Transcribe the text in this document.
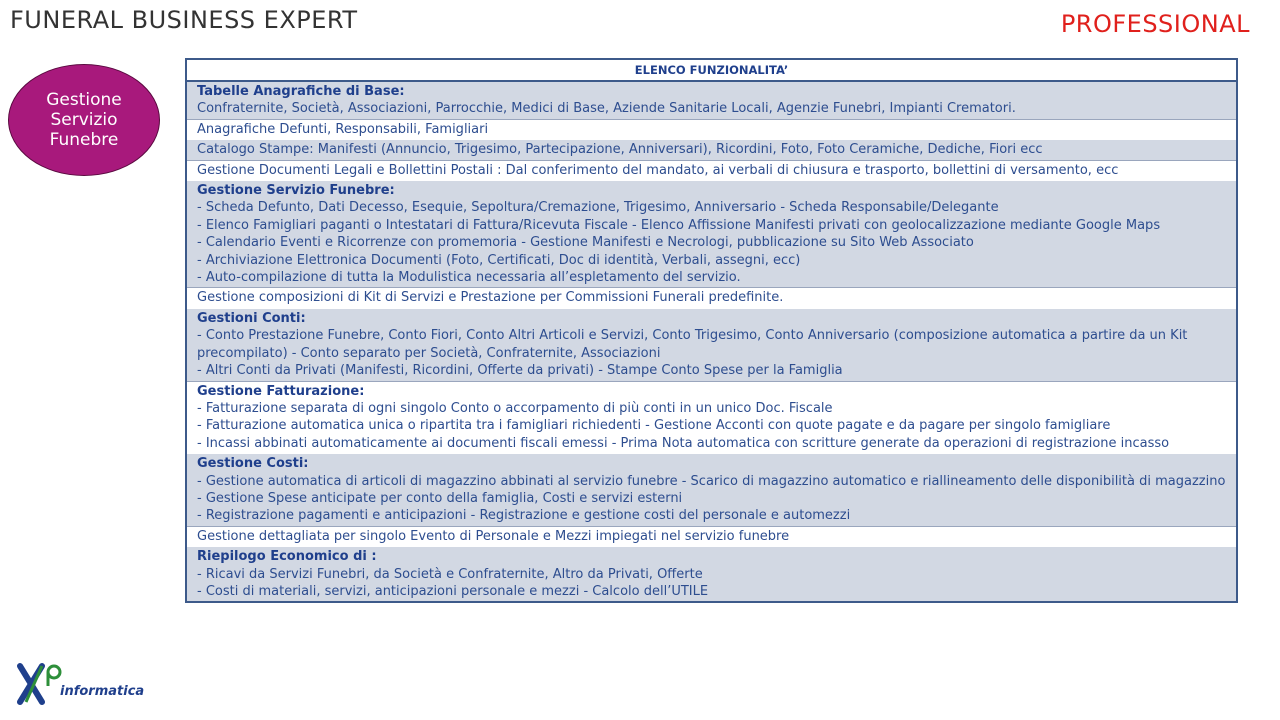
FUNERAL BUSINESS EXPERT	PROFESSIONAL
Gestione
Servizio
Funebre
ELENCO FUNZIONALITA’

Tabelle Anagrafiche di Base:
Confraternite, Società, Associazioni, Parrocchie, Medici di Base, Aziende Sanitarie Locali, Agenzie Funebri, Impianti Crematori.

Anagrafiche Defunti, Responsabili, Famigliari

Catalogo Stampe: Manifesti (Annuncio, Trigesimo, Partecipazione, Anniversari), Ricordini, Foto, Foto Ceramiche, Dediche, Fiori ecc

Gestione Documenti Legali e Bollettini Postali : Dal conferimento del mandato, ai verbali di chiusura e trasporto, bollettini di versamento, ecc

Gestione Servizio Funebre:
- Scheda Defunto, Dati Decesso, Esequie, Sepoltura/Cremazione, Trigesimo, Anniversario - Scheda Responsabile/Delegante
- Elenco Famigliari paganti o Intestatari di Fattura/Ricevuta Fiscale - Elenco Affissione Manifesti privati con geolocalizzazione mediante Google Maps
- Calendario Eventi e Ricorrenze con promemoria - Gestione Manifesti e Necrologi, pubblicazione su Sito Web Associato
- Archiviazione Elettronica Documenti (Foto, Certificati, Doc di identità, Verbali, assegni, ecc)
- Auto-compilazione di tutta la Modulistica necessaria all’espletamento del servizio.

Gestione composizioni di Kit di Servizi e Prestazione per Commissioni Funerali predefinite.

Gestioni Conti:
- Conto Prestazione Funebre, Conto Fiori, Conto Altri Articoli e Servizi, Conto Trigesimo, Conto Anniversario (composizione automatica a partire da un Kit precompilato) - Conto separato per Società, Confraternite, Associazioni
- Altri Conti da Privati (Manifesti, Ricordini, Offerte da privati) - Stampe Conto Spese per la Famiglia

Gestione Fatturazione:
- Fatturazione separata di ogni singolo Conto o accorpamento di più conti in un unico Doc. Fiscale
- Fatturazione automatica unica o ripartita tra i famigliari richiedenti - Gestione Acconti con quote pagate e da pagare per singolo famigliare
- Incassi abbinati automaticamente ai documenti fiscali emessi - Prima Nota automatica con scritture generate da operazioni di registrazione incasso

Gestione Costi:
- Gestione automatica di articoli di magazzino abbinati al servizio funebre - Scarico di magazzino automatico e riallineamento delle disponibilità di magazzino - Gestione Spese anticipate per conto della famiglia, Costi e servizi esterni
- Registrazione pagamenti e anticipazioni - Registrazione e gestione costi del personale e automezzi

Gestione dettagliata per singolo Evento di Personale e Mezzi impiegati nel servizio funebre

Riepilogo Economico di :
- Ricavi da Servizi Funebri, da Società e Confraternite, Altro da Privati, Offerte
- Costi di materiali, servizi, anticipazioni personale e mezzi - Calcolo dell’UTILE
informatica
